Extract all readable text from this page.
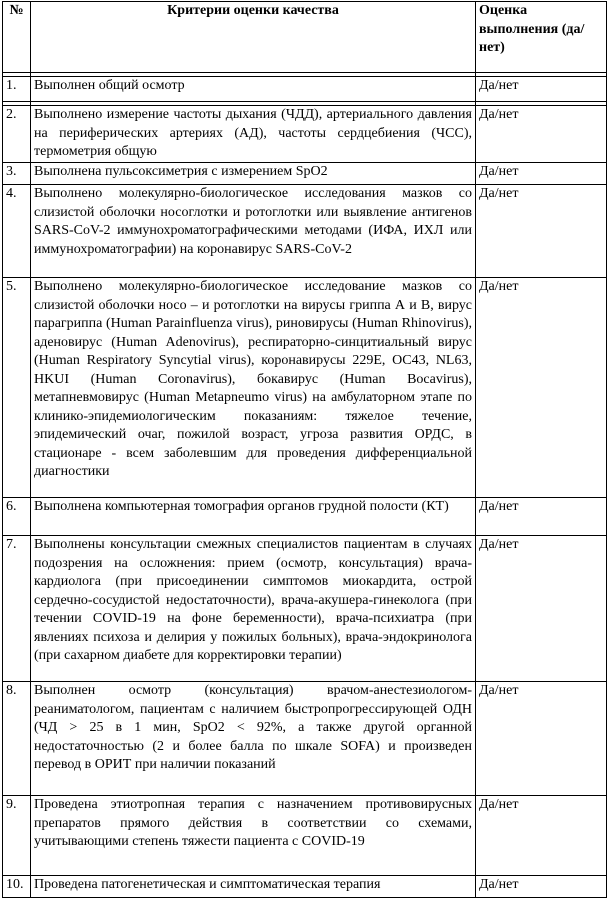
№	Критерии оценки качества	Оценка выполнения (да/нет)

1.	Выполнен общий осмотр	Да/нет

2.	Выполнено измерение частоты дыхания (ЧДД), артериального давления на периферических артериях (АД), частоты сердцебиения (ЧСС), термометрия общую	Да/нет
3.	Выполнена пульсоксиметрия с измерением SpO2	Да/нет
4.	Выполнено молекулярно-биологическое исследования мазков со слизистой оболочки носоглотки и ротоглотки или выявление антигенов SARS-CoV-2 иммунохроматографическими методами (ИФА, ИХЛ или иммунохроматографии) на коронавирус SARS-CoV-2	Да/нет
5.	Выполнено молекулярно-биологическое исследование мазков со слизистой оболочки носо – и ротоглотки на вирусы гриппа А и В, вирус парагриппа (Human Parainfluenza virus), риновирусы (Human Rhinovirus), аденовирус (Human Adenovirus), респираторно-синцитиальный вирус (Human Respiratory Syncytial virus), коронавирусы 229E, OC43, NL63, HKUI (Human Coronavirus), бокавирус (Human Bocavirus), метапневмовирус (Human Metapneumo virus) на амбулаторном этапе по клинико-эпидемиологическим показаниям: тяжелое течение, эпидемический очаг, пожилой возраст, угроза развития ОРДС, в стационаре - всем заболевшим для проведения дифференциальной диагностики	Да/нет
6.	Выполнена компьютерная томография органов грудной полости (КТ)	Да/нет
7.	Выполнены консультации смежных специалистов пациентам в случаях подозрения на осложнения: прием (осмотр, консультация) врача-кардиолога (при присоединении симптомов миокардита, острой сердечно-сосудистой недостаточности), врача-акушера-гинеколога (при течении COVID-19 на фоне беременности), врача-психиатра (при явлениях психоза и делирия у пожилых больных), врача-эндокринолога (при сахарном диабете для корректировки терапии)	Да/нет
8.	Выполнен осмотр (консультация) врачом-анестезиологом-реаниматологом, пациентам с наличием быстропрогрессирующей ОДН (ЧД > 25 в 1 мин, SpO2 < 92%, а также другой органной недостаточностью (2 и более балла по шкале SOFA) и произведен перевод в ОРИТ при наличии показаний	Да/нет
9.	Проведена этиотропная терапия с назначением противовирусных препаратов прямого действия в соответствии со схемами, учитывающими степень тяжести пациента с COVID-19	Да/нет
10.	Проведена патогенетическая и симптоматическая терапия	Да/нет
